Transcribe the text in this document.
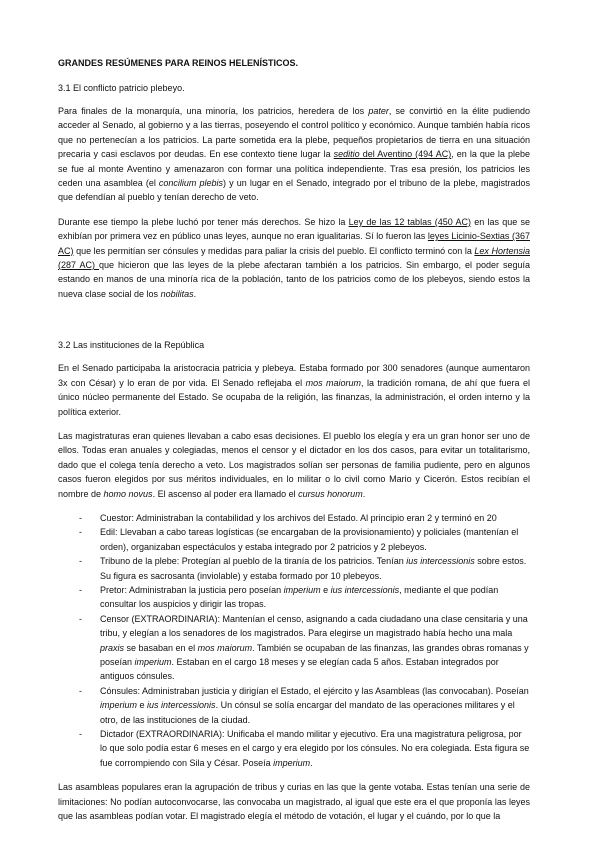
GRANDES RESÚMENES PARA REINOS HELENÍSTICOS.
3.1 El conflicto patricio plebeyo.

Para finales de la monarquía, una minoría, los patricios, heredera de los pater, se convirtió en la élite pudiendo acceder al Senado, al gobierno y a las tierras, poseyendo el control político y económico. Aunque también había ricos que no pertenecían a los patricios. La parte sometida era la plebe, pequeños propietarios de tierra en una situación precaria y casi esclavos por deudas. En ese contexto tiene lugar la seditio del Aventino (494 AC), en la que la plebe se fue al monte Aventino y amenazaron con formar una política independiente. Tras esa presión, los patricios les ceden una asamblea (el concilium plebis) y un lugar en el Senado, integrado por el tribuno de la plebe, magistrados que defendían al pueblo y tenían derecho de veto.

Durante ese tiempo la plebe luchó por tener más derechos. Se hizo la Ley de las 12 tablas (450 AC) en las que se exhibían por primera vez en público unas leyes, aunque no eran igualitarias. Sí lo fueron las leyes Licinio-Sextias (367 AC) que les permitían ser cónsules y medidas para paliar la crisis del pueblo. El conflicto terminó con la Lex Hortensia (287 AC) que hicieron que las leyes de la plebe afectaran también a los patricios. Sin embargo, el poder seguía estando en manos de una minoría rica de la población, tanto de los patricios como de los plebeyos, siendo estos la nueva clase social de los nobilitas.

3.2 Las instituciones de la República

En el Senado participaba la aristocracia patricia y plebeya. Estaba formado por 300 senadores (aunque aumentaron 3x con César) y lo eran de por vida. El Senado reflejaba el mos maiorum, la tradición romana, de ahí que fuera el único núcleo permanente del Estado. Se ocupaba de la religión, las finanzas, la administración, el orden interno y la política exterior.

Las magistraturas eran quienes llevaban a cabo esas decisiones. El pueblo los elegía y era un gran honor ser uno de ellos. Todas eran anuales y colegiadas, menos el censor y el dictador en los dos casos, para evitar un totalitarismo, dado que el colega tenía derecho a veto. Los magistrados solían ser personas de familia pudiente, pero en algunos casos fueron elegidos por sus méritos individuales, en lo militar o lo civil como Mario y Cicerón. Estos recibían el nombre de homo novus. El ascenso al poder era llamado el cursus honorum.

- Cuestor: Administraban la contabilidad y los archivos del Estado. Al principio eran 2 y terminó en 20
- Edil: Llevaban a cabo tareas logísticas (se encargaban de la provisionamiento) y policiales (mantenían el orden), organizaban espectáculos y estaba integrado por 2 patricios y 2 plebeyos.
- Tribuno de la plebe: Protegían al pueblo de la tiranía de los patricios. Tenían ius intercessionis sobre estos. Su figura es sacrosanta (inviolable) y estaba formado por 10 plebeyos.
- Pretor: Administraban la justicia pero poseían imperium e ius intercessionis, mediante el que podían consultar los auspicios y dirigir las tropas.
- Censor (EXTRAORDINARIA): Mantenían el censo, asignando a cada ciudadano una clase censitaria y una tribu, y elegían a los senadores de los magistrados. Para elegirse un magistrado había hecho una mala praxis se basaban en el mos maiorum. También se ocupaban de las finanzas, las grandes obras romanas y poseían imperium. Estaban en el cargo 18 meses y se elegían cada 5 años. Estaban integrados por antiguos cónsules.
- Cónsules: Administraban justicia y dirigían el Estado, el ejército y las Asambleas (las convocaban). Poseían imperium e ius intercessionis. Un cónsul se solía encargar del mandato de las operaciones militares y el otro, de las instituciones de la ciudad.
- Dictador (EXTRAORDINARIA): Unificaba el mando militar y ejecutivo. Era una magistratura peligrosa, por lo que solo podía estar 6 meses en el cargo y era elegido por los cónsules. No era colegiada. Esta figura se fue corrompiendo con Sila y César. Poseía imperium.

Las asambleas populares eran la agrupación de tribus y curias en las que la gente votaba. Estas tenían una serie de limitaciones: No podían autoconvocarse, las convocaba un magistrado, al igual que este era el que proponía las leyes que las asambleas podían votar. El magistrado elegía el método de votación, el lugar y el cuándo, por lo que la
